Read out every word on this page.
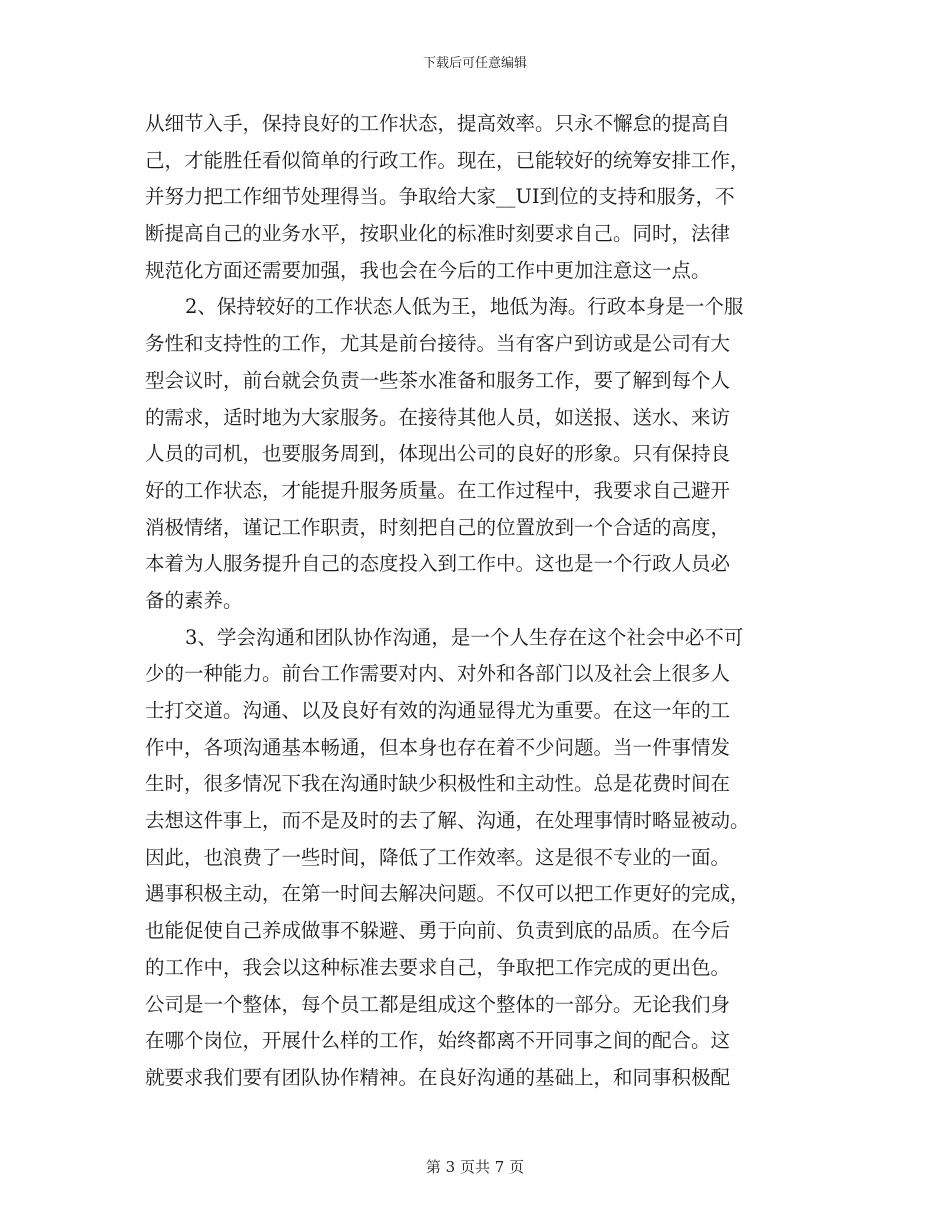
下载后可任意编辑
从细节入手，保持良好的工作状态，提高效率。只永不懈怠的提高自
己，才能胜任看似简单的行政工作。现在，已能较好的统筹安排工作，
并努力把工作细节处理得当。争取给大家__UI到位的支持和服务，不
断提高自己的业务水平，按职业化的标准时刻要求自己。同时，法律
规范化方面还需要加强，我也会在今后的工作中更加注意这一点。
2、保持较好的工作状态人低为王，地低为海。行政本身是一个服
务性和支持性的工作，尤其是前台接待。当有客户到访或是公司有大
型会议时，前台就会负责一些茶水准备和服务工作，要了解到每个人
的需求，适时地为大家服务。在接待其他人员，如送报、送水、来访
人员的司机，也要服务周到，体现出公司的良好的形象。只有保持良
好的工作状态，才能提升服务质量。在工作过程中，我要求自己避开
消极情绪，谨记工作职责，时刻把自己的位置放到一个合适的高度，
本着为人服务提升自己的态度投入到工作中。这也是一个行政人员必
备的素养。
3、学会沟通和团队协作沟通，是一个人生存在这个社会中必不可
少的一种能力。前台工作需要对内、对外和各部门以及社会上很多人
士打交道。沟通、以及良好有效的沟通显得尤为重要。在这一年的工
作中，各项沟通基本畅通，但本身也存在着不少问题。当一件事情发
生时，很多情况下我在沟通时缺少积极性和主动性。总是花费时间在
去想这件事上，而不是及时的去了解、沟通，在处理事情时略显被动。
因此，也浪费了一些时间，降低了工作效率。这是很不专业的一面。
遇事积极主动，在第一时间去解决问题。不仅可以把工作更好的完成，
也能促使自己养成做事不躲避、勇于向前、负责到底的品质。在今后
的工作中，我会以这种标准去要求自己，争取把工作完成的更出色。
公司是一个整体，每个员工都是组成这个整体的一部分。无论我们身
在哪个岗位，开展什么样的工作，始终都离不开同事之间的配合。这
就要求我们要有团队协作精神。在良好沟通的基础上，和同事积极配
第 3 页共 7 页
